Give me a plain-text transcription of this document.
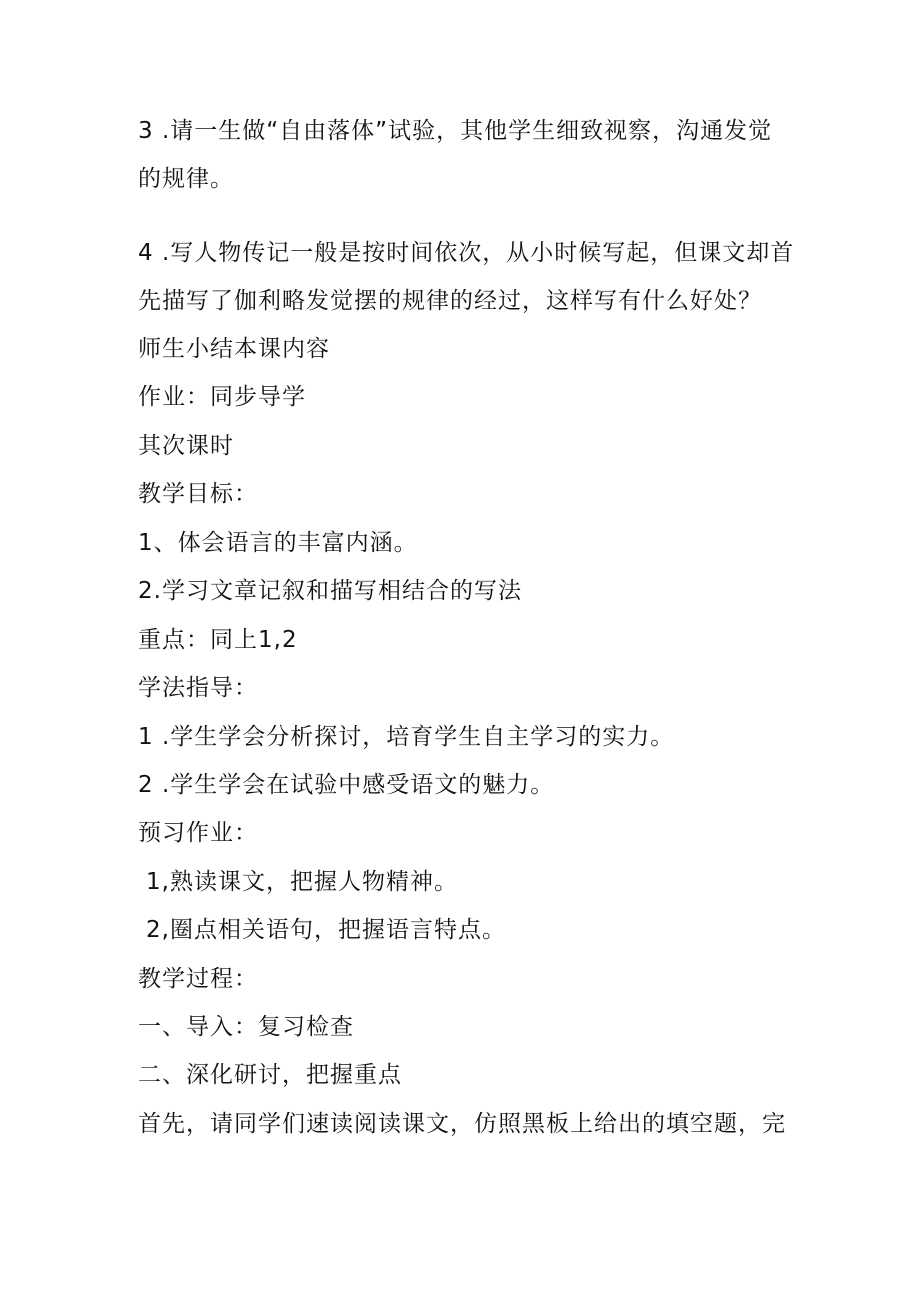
3 .请一生做“自由落体”试验，其他学生细致视察，沟通发觉
的规律。
4 .写人物传记一般是按时间依次，从小时候写起，但课文却首
先描写了伽利略发觉摆的规律的经过，这样写有什么好处？
师生小结本课内容
作业：同步导学
其次课时
教学目标：
1、体会语言的丰富内涵。
2.学习文章记叙和描写相结合的写法
重点：同上1,2
学法指导：
1 .学生学会分析探讨，培育学生自主学习的实力。
2 .学生学会在试验中感受语文的魅力。
预习作业：
1,熟读课文，把握人物精神。
2,圈点相关语句，把握语言特点。
教学过程：
一、导入：复习检查
二、深化研讨，把握重点
首先，请同学们速读阅读课文，仿照黑板上给出的填空题，完
